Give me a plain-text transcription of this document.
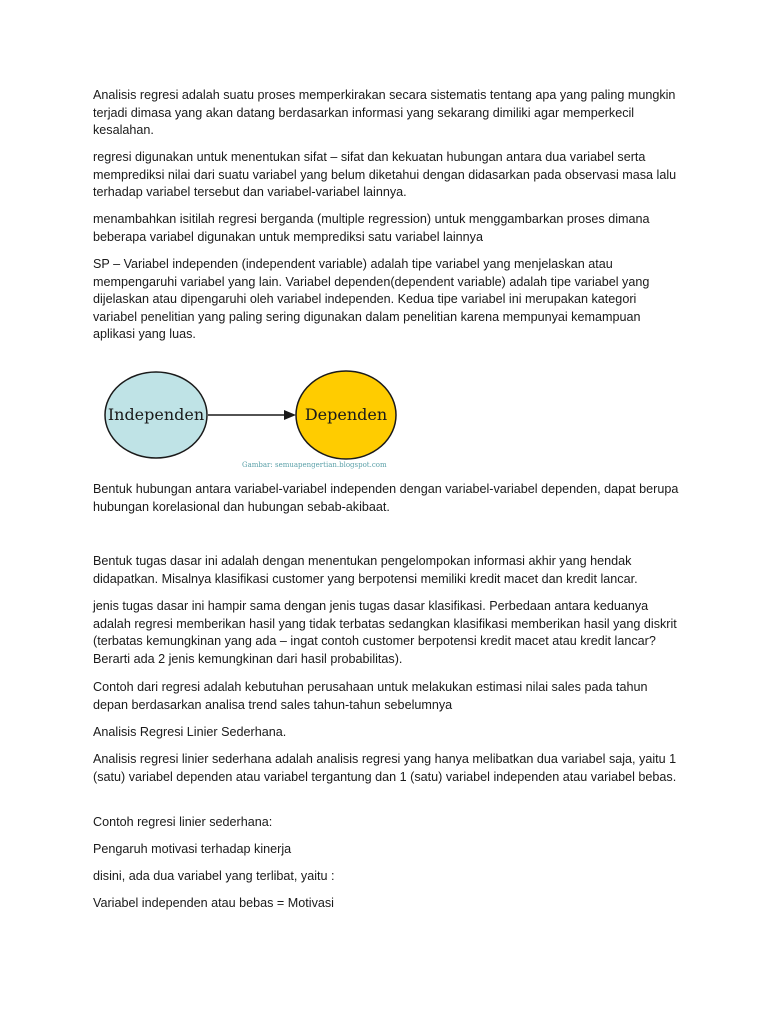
Analisis regresi adalah suatu proses memperkirakan secara sistematis tentang apa yang paling mungkin terjadi dimasa yang akan datang berdasarkan informasi yang sekarang dimiliki agar memperkecil kesalahan.

regresi digunakan untuk menentukan sifat – sifat dan kekuatan hubungan antara dua variabel serta memprediksi nilai dari suatu variabel yang belum diketahui dengan didasarkan pada observasi masa lalu terhadap variabel tersebut dan variabel-variabel lainnya.

menambahkan isitilah regresi berganda (multiple regression) untuk menggambarkan proses dimana beberapa variabel digunakan untuk memprediksi satu variabel lainnya

SP – Variabel independen (independent variable) adalah tipe variabel yang menjelaskan atau mempengaruhi variabel yang lain. Variabel dependen(dependent variable) adalah tipe variabel yang dijelaskan atau dipengaruhi oleh variabel independen. Kedua tipe variabel ini merupakan kategori variabel penelitian yang paling sering digunakan dalam penelitian karena mempunyai kemampuan aplikasi yang luas.

Independen	Dependen
Gambar: semuapengertian.blogspot.com

Bentuk hubungan antara variabel-variabel independen dengan variabel-variabel dependen, dapat berupa hubungan korelasional dan hubungan sebab-akibaat.

Bentuk tugas dasar ini adalah dengan menentukan pengelompokan informasi akhir yang hendak didapatkan. Misalnya klasifikasi customer yang berpotensi memiliki kredit macet dan kredit lancar.

jenis tugas dasar ini hampir sama dengan jenis tugas dasar klasifikasi. Perbedaan antara keduanya adalah regresi memberikan hasil yang tidak terbatas sedangkan klasifikasi memberikan hasil yang diskrit (terbatas kemungkinan yang ada – ingat contoh customer berpotensi kredit macet atau kredit lancar? Berarti ada 2 jenis kemungkinan dari hasil probabilitas).

Contoh dari regresi adalah kebutuhan perusahaan untuk melakukan estimasi nilai sales pada tahun depan berdasarkan analisa trend sales tahun-tahun sebelumnya

Analisis Regresi Linier Sederhana.

Analisis regresi linier sederhana adalah analisis regresi yang hanya melibatkan dua variabel saja, yaitu 1 (satu) variabel dependen atau variabel tergantung dan 1 (satu) variabel independen atau variabel bebas.

Contoh regresi linier sederhana:

Pengaruh motivasi terhadap kinerja

disini, ada dua variabel yang terlibat, yaitu :

Variabel independen atau bebas = Motivasi
